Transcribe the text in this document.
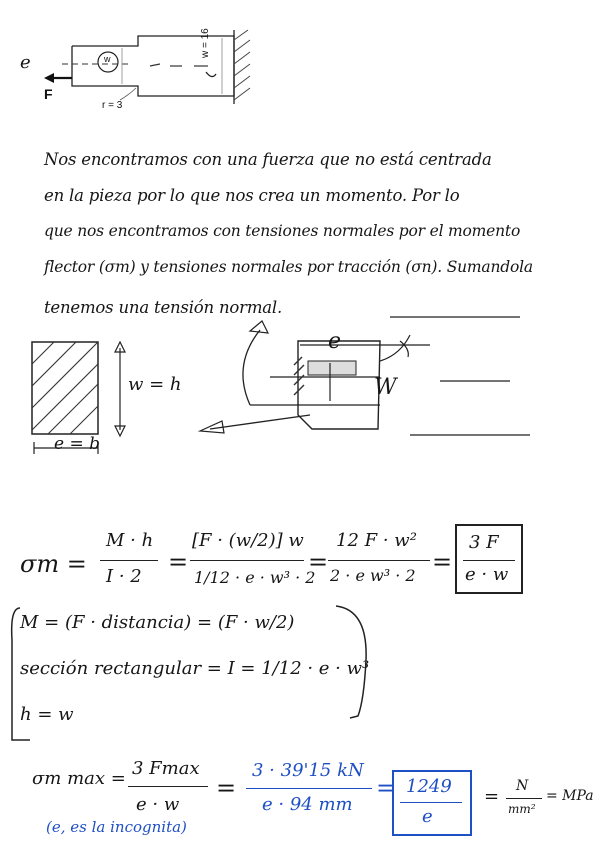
e
F
r = 3
w
w = 16
Nos encontramos con una fuerza que no está centrada
en la pieza por lo que nos crea un momento. Por lo
que nos encontramos con tensiones normales por el momento
flector (σm) y tensiones normales por tracción (σn). Sumandola
tenemos una tensión normal.
w = h
e = b
e
W
σm =
M · h
I · 2
=
[F · (w/2)] w
1/12 · e · w³ · 2
=
12 F · w²
2 · e w³ · 2 =
3 F
e · w
M = (F · distancia) = (F · w/2)
sección rectangular = I = 1/12 · e · w³
h = w
σm max = 3 Fmax
e · w
=
3 · 39'15 kN
e · 94 mm
= 1249
e
= N
mm²
= MPa
(e, es la incognita)
